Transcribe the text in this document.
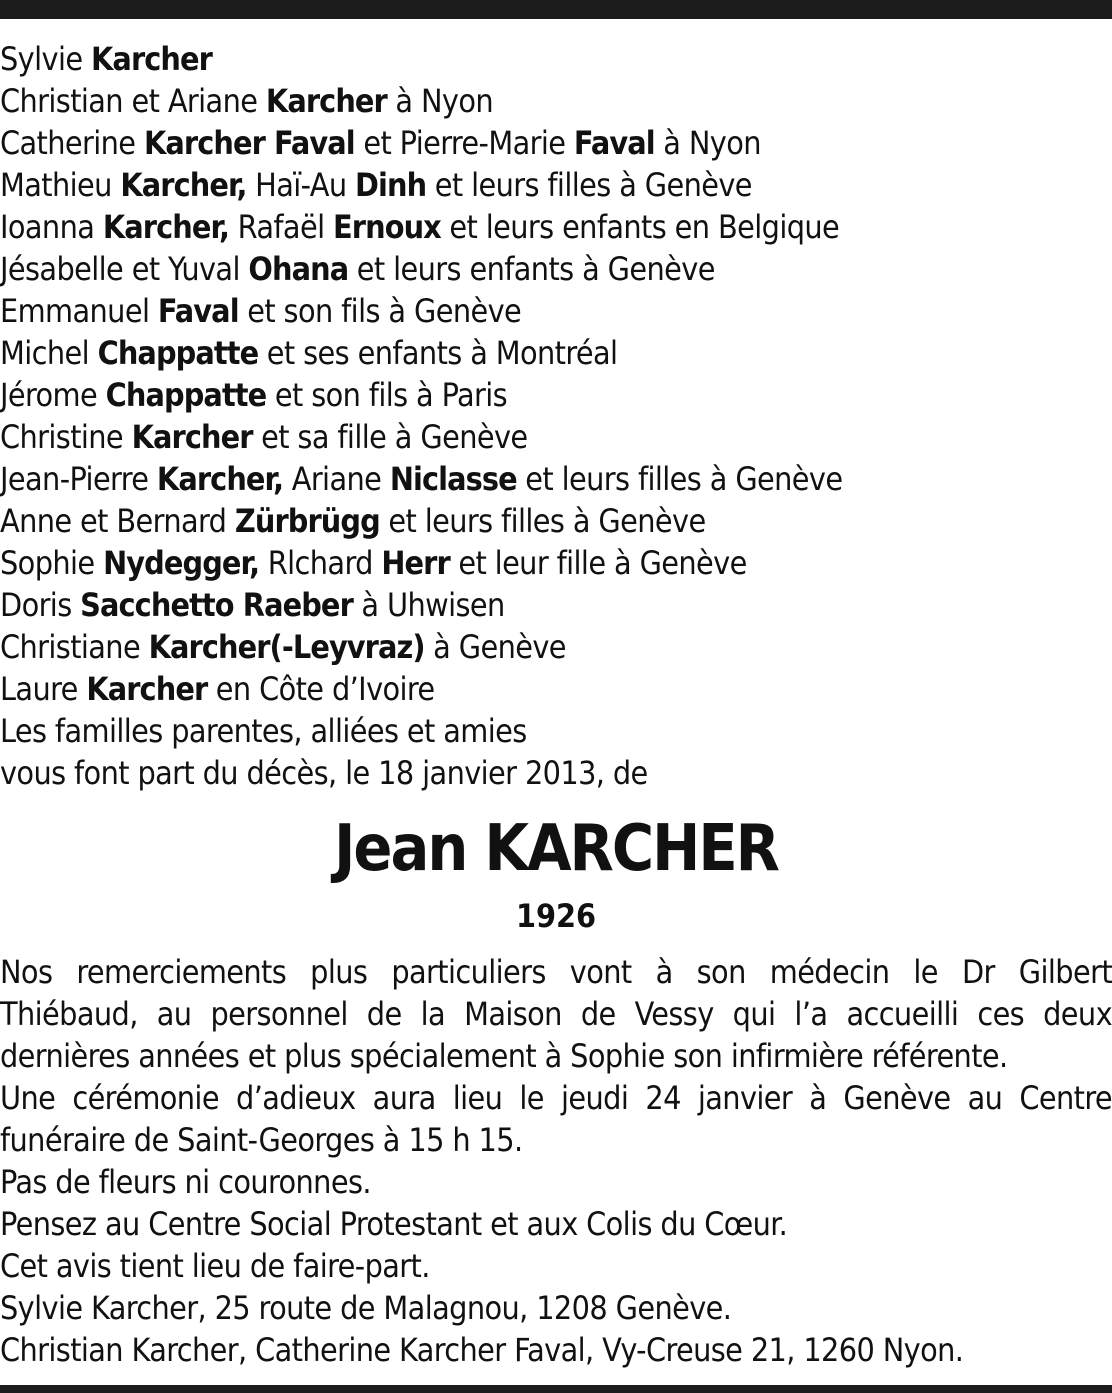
Sylvie Karcher
Christian et Ariane Karcher à Nyon
Catherine Karcher Faval et Pierre-Marie Faval à Nyon
Mathieu Karcher, Haï-Au Dinh et leurs filles à Genève
Ioanna Karcher, Rafaël Ernoux et leurs enfants en Belgique
Jésabelle et Yuval Ohana et leurs enfants à Genève
Emmanuel Faval et son fils à Genève
Michel Chappatte et ses enfants à Montréal
Jérome Chappatte et son fils à Paris
Christine Karcher et sa fille à Genève
Jean-Pierre Karcher, Ariane Niclasse et leurs filles à Genève
Anne et Bernard Zürbrügg et leurs filles à Genève
Sophie Nydegger, Rlchard Herr et leur fille à Genève
Doris Sacchetto Raeber à Uhwisen
Christiane Karcher(-Leyvraz) à Genève
Laure Karcher en Côte d’Ivoire
Les familles parentes, alliées et amies
vous font part du décès, le 18 janvier 2013, de
Jean KARCHER
1926
Nos remerciements plus particuliers vont à son médecin le Dr Gilbert
Thiébaud, au personnel de la Maison de Vessy qui l’a accueilli ces deux
dernières années et plus spécialement à Sophie son infirmière référente.
Une cérémonie d’adieux aura lieu le jeudi 24 janvier à Genève au Centre
funéraire de Saint-Georges à 15 h 15.
Pas de fleurs ni couronnes.
Pensez au Centre Social Protestant et aux Colis du Cœur.
Cet avis tient lieu de faire-part.
Sylvie Karcher, 25 route de Malagnou, 1208 Genève.
Christian Karcher, Catherine Karcher Faval, Vy-Creuse 21, 1260 Nyon.
